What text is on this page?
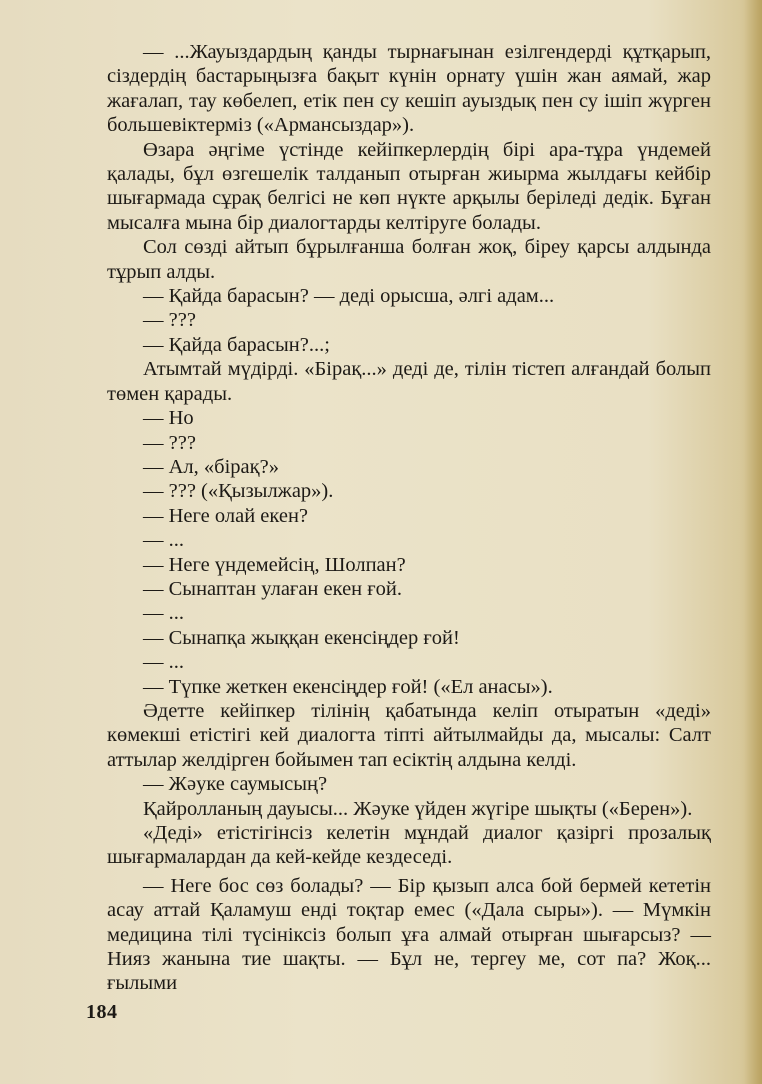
— ...Жауыздардың қанды тырнағынан езілгендерді құтқарып, сіздердің бастарыңызға бақыт күнін орнату үшін жан аямай, жар жағалап, тау көбелеп, етік пен су кешіп ауыздық пен су ішіп жүрген большевіктерміз («Армансыздар»).

Өзара әңгіме үстінде кейіпкерлердің бірі ара-тұра үндемей қалады, бұл өзгешелік талданып отырған жиырма жылдағы кейбір шығармада сұрақ белгісі не көп нүкте арқылы беріледі дедік. Бұған мысалға мына бір диалогтарды келтіруге болады.

Сол сөзді айтып бұрылғанша болған жоқ, біреу қарсы алдында тұрып алды.

— Қайда барасын? — деді орысша, әлгі адам...

— ???

— Қайда барасын?...;

Атымтай мүдірді. «Бірақ...» деді де, тілін тістеп алғандай болып төмен қарады.

— Но

— ???

— Ал, «бірақ?»

— ??? («Қызылжар»).

— Неге олай екен?

— ...

— Неге үндемейсің, Шолпан?

— Сынаптан улаған екен ғой.

— ...

— Сынапқа жыққан екенсіңдер ғой!

— ...

— Түпке жеткен екенсіңдер ғой! («Ел анасы»).

Әдетте кейіпкер тілінің қабатында келіп отыратын «деді» көмекші етістігі кей диалогта тіпті айтылмайды да, мысалы: Салт аттылар желдірген бойымен тап есіктің алдына келді.

— Жәуке саумысың?

Қайролланың дауысы... Жәуке үйден жүгіре шықты («Берен»).

«Деді» етістігінсіз келетін мұндай диалог қазіргі прозалық шығармалардан да кей-кейде кездеседі.

— Неге бос сөз болады? — Бір қызып алса бой бермей кететін асау аттай Қаламуш енді тоқтар емес («Дала сыры»). — Мүмкін медицина тілі түсініксіз болып ұға алмай отырған шығарсыз? — Нияз жанына тие шақты. — Бұл не, тергеу ме, сот па? Жоқ... ғылыми

184
